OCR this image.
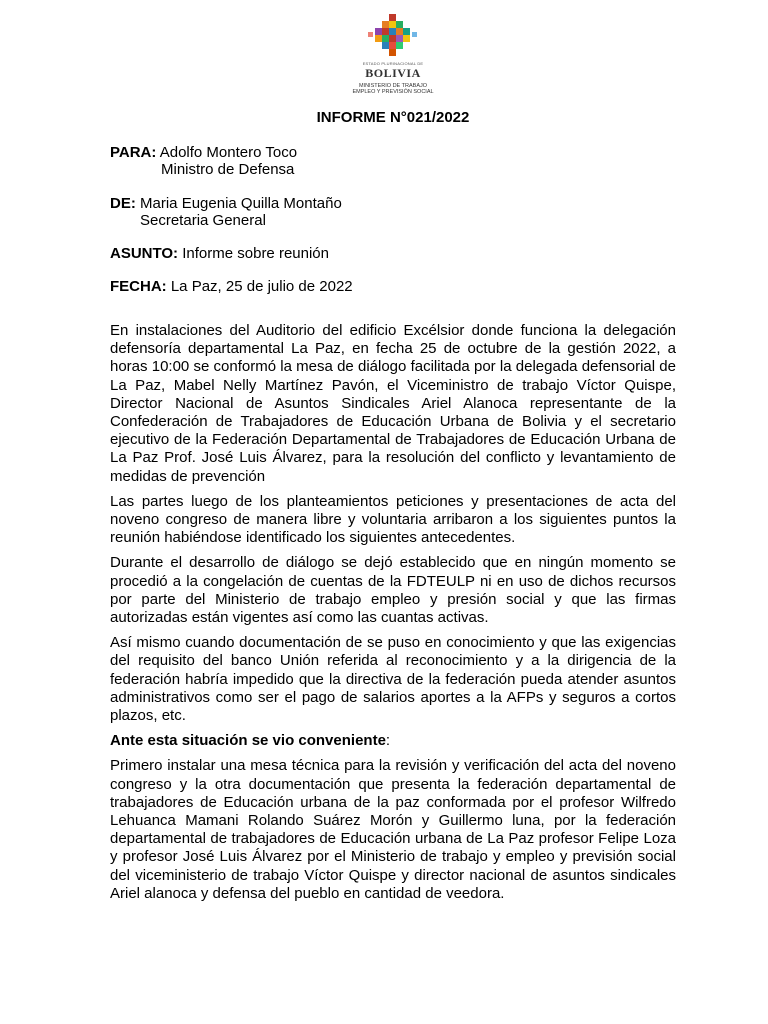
ESTADO PLURINACIONAL DE
BOLIVIA
MINISTERIO DE TRABAJO
EMPLEO Y PREVISIÓN SOCIAL
INFORME N°021/2022
PARA: Adolfo Montero Toco
Ministro de Defensa
DE: Maria Eugenia Quilla Montaño
Secretaria General
ASUNTO: Informe sobre reunión
FECHA: La Paz, 25 de julio de 2022

En instalaciones del Auditorio del edificio Excélsior donde funciona la delegación defensoría departamental La Paz, en fecha 25 de octubre de la gestión 2022, a horas 10:00 se conformó la mesa de diálogo facilitada por la delegada defensorial de La Paz, Mabel Nelly Martínez Pavón, el Viceministro de trabajo Víctor Quispe, Director Nacional de Asuntos Sindicales Ariel Alanoca representante de la Confederación de Trabajadores de Educación Urbana de Bolivia y el secretario ejecutivo de la Federación Departamental de Trabajadores de Educación Urbana de La Paz Prof. José Luis Álvarez, para la resolución del conflicto y levantamiento de medidas de prevención

Las partes luego de los planteamientos peticiones y presentaciones de acta del noveno congreso de manera libre y voluntaria arribaron a los siguientes puntos la reunión habiéndose identificado los siguientes antecedentes.

Durante el desarrollo de diálogo se dejó establecido que en ningún momento se procedió a la congelación de cuentas de la FDTEULP ni en uso de dichos recursos por parte del Ministerio de trabajo empleo y presión social y que las firmas autorizadas están vigentes así como las cuantas activas.

Así mismo cuando documentación de se puso en conocimiento y que las exigencias del requisito del banco Unión referida al reconocimiento y a la dirigencia de la federación habría impedido que la directiva de la federación pueda atender asuntos administrativos como ser el pago de salarios aportes a la AFPs y seguros a cortos plazos, etc.

Ante esta situación se vio conveniente:

Primero instalar una mesa técnica para la revisión y verificación del acta del noveno congreso y la otra documentación que presenta la federación departamental de trabajadores de Educación urbana de la paz conformada por el profesor Wilfredo Lehuanca Mamani Rolando Suárez Morón y Guillermo luna, por la federación departamental de trabajadores de Educación urbana de La Paz profesor Felipe Loza y profesor José Luis Álvarez por el Ministerio de trabajo y empleo y previsión social del viceministerio de trabajo Víctor Quispe y director nacional de asuntos sindicales Ariel alanoca y defensa del pueblo en cantidad de veedora.
